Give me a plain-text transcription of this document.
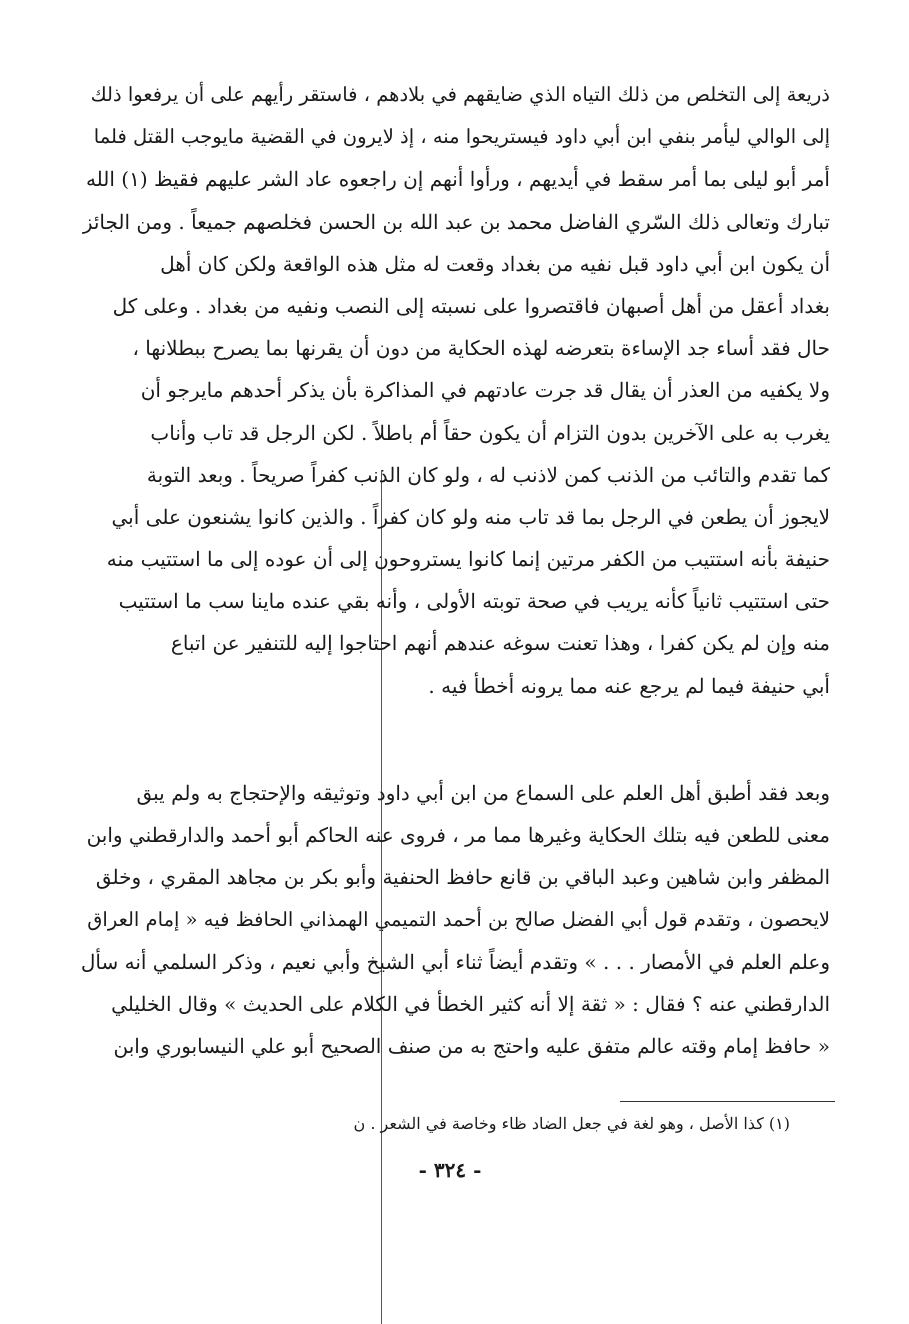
ذريعة إلى التخلص من ذلك التياه الذي ضايقهم في بلادهم ، فاستقر رأيهم على أن يرفعوا ذلك
إلى الوالي ليأمر بنفي ابن أبي داود فيستريحوا منه ، إذ لايرون في القضية مايوجب القتل فلما
أمر أبو ليلى بما أمر سقط في أيديهم ، ورأوا أنهم إن راجعوه عاد الشر عليهم فقيظ (١) الله
تبارك وتعالى ذلك السّري الفاضل محمد بن عبد الله بن الحسن فخلصهم جميعاً . ومن الجائز
أن يكون ابن أبي داود قبل نفيه من بغداد وقعت له مثل هذه الواقعة ولكن كان أهل
بغداد أعقل من أهل أصبهان فاقتصروا على نسبته إلى النصب ونفيه من بغداد . وعلى كل
حال فقد أساء جد الإساءة بتعرضه لهذه الحكاية من دون أن يقرنها بما يصرح ببطلانها ،
ولا يكفيه من العذر أن يقال قد جرت عادتهم في المذاكرة بأن يذكر أحدهم مايرجو أن
يغرب به على الآخرين بدون التزام أن يكون حقاً أم باطلاً . لكن الرجل قد تاب وأناب
كما تقدم والتائب من الذنب كمن لاذنب له ، ولو كان الذنب كفراً صريحاً . وبعد التوبة
لايجوز أن يطعن في الرجل بما قد تاب منه ولو كان كفراً . والذين كانوا يشنعون على أبي
حنيفة بأنه استتيب من الكفر مرتين إنما كانوا يستروحون إلى أن عوده إلى ما استتيب منه
حتى استتيب ثانياً كأنه يريب في صحة توبته الأولى ، وأنه بقي عنده ماينا سب ما استتيب
منه وإن لم يكن كفرا ، وهذا تعنت سوغه عندهم أنهم احتاجوا إليه للتنفير عن اتباع
أبي حنيفة فيما لم يرجع عنه مما يرونه أخطأ فيه .
وبعد فقد أطبق أهل العلم على السماع من ابن أبي داود وتوثيقه والإحتجاج به ولم يبق
معنى للطعن فيه بتلك الحكاية وغيرها مما مر ، فروى عنه الحاكم أبو أحمد والدارقطني وابن
المظفر وابن شاهين وعبد الباقي بن قانع حافظ الحنفية وأبو بكر بن مجاهد المقري ، وخلق
لايحصون ، وتقدم قول أبي الفضل صالح بن أحمد التميمي الهمذاني الحافظ فيه « إمام العراق
وعلم العلم في الأمصار . . . » وتقدم أيضاً ثناء أبي الشيخ وأبي نعيم ، وذكر السلمي أنه سأل
الدارقطني عنه ؟ فقال : « ثقة إلا أنه كثير الخطأ في الكلام على الحديث » وقال الخليلي
« حافظ إمام وقته عالم متفق عليه واحتج به من صنف الصحيح أبو علي النيسابوري وابن
(١) كذا الأصل ، وهو لغة في جعل الضاد ظاء وخاصة في الشعر . ن
- ٣٢٤ -
